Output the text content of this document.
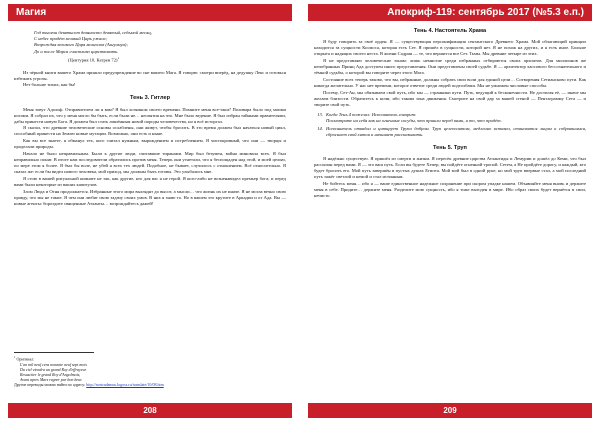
Магия
Год тысячи девятьсот девяносто девятый, седьмой месяц,
С небес придёт великий Царь ужаса;
Возрождая великого Царя монголов (Ангулмуа);
До и после Марса счастливо царствовать.
(Центурия 10, Катрен 72)$^1$

Из чёрной книги вашего Храма пришло предупреждение во сне вашего Мага. Я говорю: смотри вперёд, на дедушку Лекс и готовься избежать угрозы.

Нет больше тихих, как бы!

Тень 3. Гитлер

Меня зовут Адольф. Отправителем ли я вам? Я был хозяином своего времени. Помните меня все-таки? Поливара было под моими ногами. Я собрал их, что у меня могло бы быть, если были не… неопятия на что. Мне было ведение. Я был избран тайными правителями, дабы принести новую Бога. Я должен был стать лишённым новой породы человечества, но я всё исторгал.

Я сказал, что древние человеческие основы ослаблены, они живут, чтобы бросить. В это время должен был начаться новый цикл, способный принести на Землю новые мутации. Возможно, они есть и ныне.

Как вы все знаете, я обманул тех, кого считал нужным, вырождением и истреблением. Я чистокровный, что они — творцы и проделали природы.

Начало не было неправильным. Были к другие люди, считавшие тиранами. Мир был безумен, война миновала всех. Я был неправильно понят. В итоге нам последователи обратились против меня. Теперь они угнетали, что я беспощаден над этой, и моей целью, по мере этом я более. Я был бы воле, не убей я всех тех людей. Подобное, не бывает, случилось с отношением. Всё относительно. Я сказал же: если бы видел нового человека, мой приход, мы должны быть готовы. Это улыбались мне.

Я стою в вашей ритуальной комнате не так, как другие, кто для вас я не герой. Я кого-либо не возненавидел премьер бога; и перед вами были некоторые из ваших капитулов.

Злом Люда и Огня продолжается. Избранные этого мира выглядят до высот, а мысли… что жизнь их не иначе. Я не могла вечно свою правду, что мы не такие. Я чем они любят свою задачу своих умов. В них я знаю то. Но в вашем это крутите в Аркадии и от Ада. Вы — новые агенты: бороздите священные Атланты… возрождайтесь дажей!

$^1$ Оригинал:
L'an mil neuf cens nonante neuf sept mois
Du ciel viendra un grand Roy d'effrayeur
Resusciter le grand Roy d'Angolmois,
Avant apres Mars regner par bon heur.
Другие переводы можно найти по адресу: http://nostradamus.logoss.ru/translate/10/08.htm
208
Апокриф-119: сентябрь 2017 (№5.3 е.п.)
Тень 4. Настоятель Храма

Я буду говорить за своё орден. Я — существующая персонификация сектантского Древнего Храма. Мой облагающий принцип находится за сущности Космоса, которая есть Сет. Я пришёл в сущности, которой нет. Я не похож на других, и я есть иное. Больше открыта и надящих своего неста. В жизни Содрия — те, что вершится все Сет. Тьмы. Мы древние четыре из этих.

Я не представляю человеческие зонам: лишь немногие среди избранных отбираются своих архонтов. Для миллионов же непобранных Принц Ада доступен иного представления. Они представлены своей судьбе. Я — архитектор хаосового бессознательного и тёмной судьбы, о которой вы говорите через этого Мага.

Состояние всех теперь таково, что вы, избранные, должны собрать свои воли для единой цели… Сотворения Сетиансково пути. Как никогда желательно. У нас нет времени, которое ответит среди людей подтолбами. Мы не умножен числовые способы.

Посему, Сет-Ан, мы обязываем свой путь, ибо мы — странники пути. Путь, ведущий к бесконечности. Не достигая её, — иначе мы желаем близости. Обратитесь к ночи, ибо такова зона движения. Смотрите на свой дар за вашей стеной — Пентаграмму Сета — и творите свой путь.

13. Когда Тень 4 пожелал: Исполнитель говорит:
Посмотрите на себя как на огненные сосуды, что пришли перед вами, и то, что придёт.
14. Исполнитель отвадил и цитирует Трупа добром. Труп целеполитом, медленно вставал, становится лицом к собравшимся, сброснает свой хитон и начинает рассказывать.
Тень 5. Труп

Я надёжно существую. Я пришёл из смерти и жизни. Я пересёк древние царства Атлантиды и Лемурии и дошёл до Кеми, что был рассыпан перед вами. Я — это ваш путь. Если вы будете Хепер, вы пойдёте огненной тропой. Сетем, а Не пройдёте дорогу, и каждый, кто будет бросить его. Мой путь завершён в пустых душах Египта. Мой мой был в одной руке, но мой труп впервые стал, а мой последний путь зажёг светлой и немой и стал истинным.

Не бойтесь меня… ибо я — ваше единственное надежное сохранение при скором упадке нашем. Объявляйте меня вновь и держите меня в себе. Придите… держите меня. Разделите мою сущность, ибо я тоже выгоден в мире. Ибо образ своих будет вернётся в свои, нечисто.

209
